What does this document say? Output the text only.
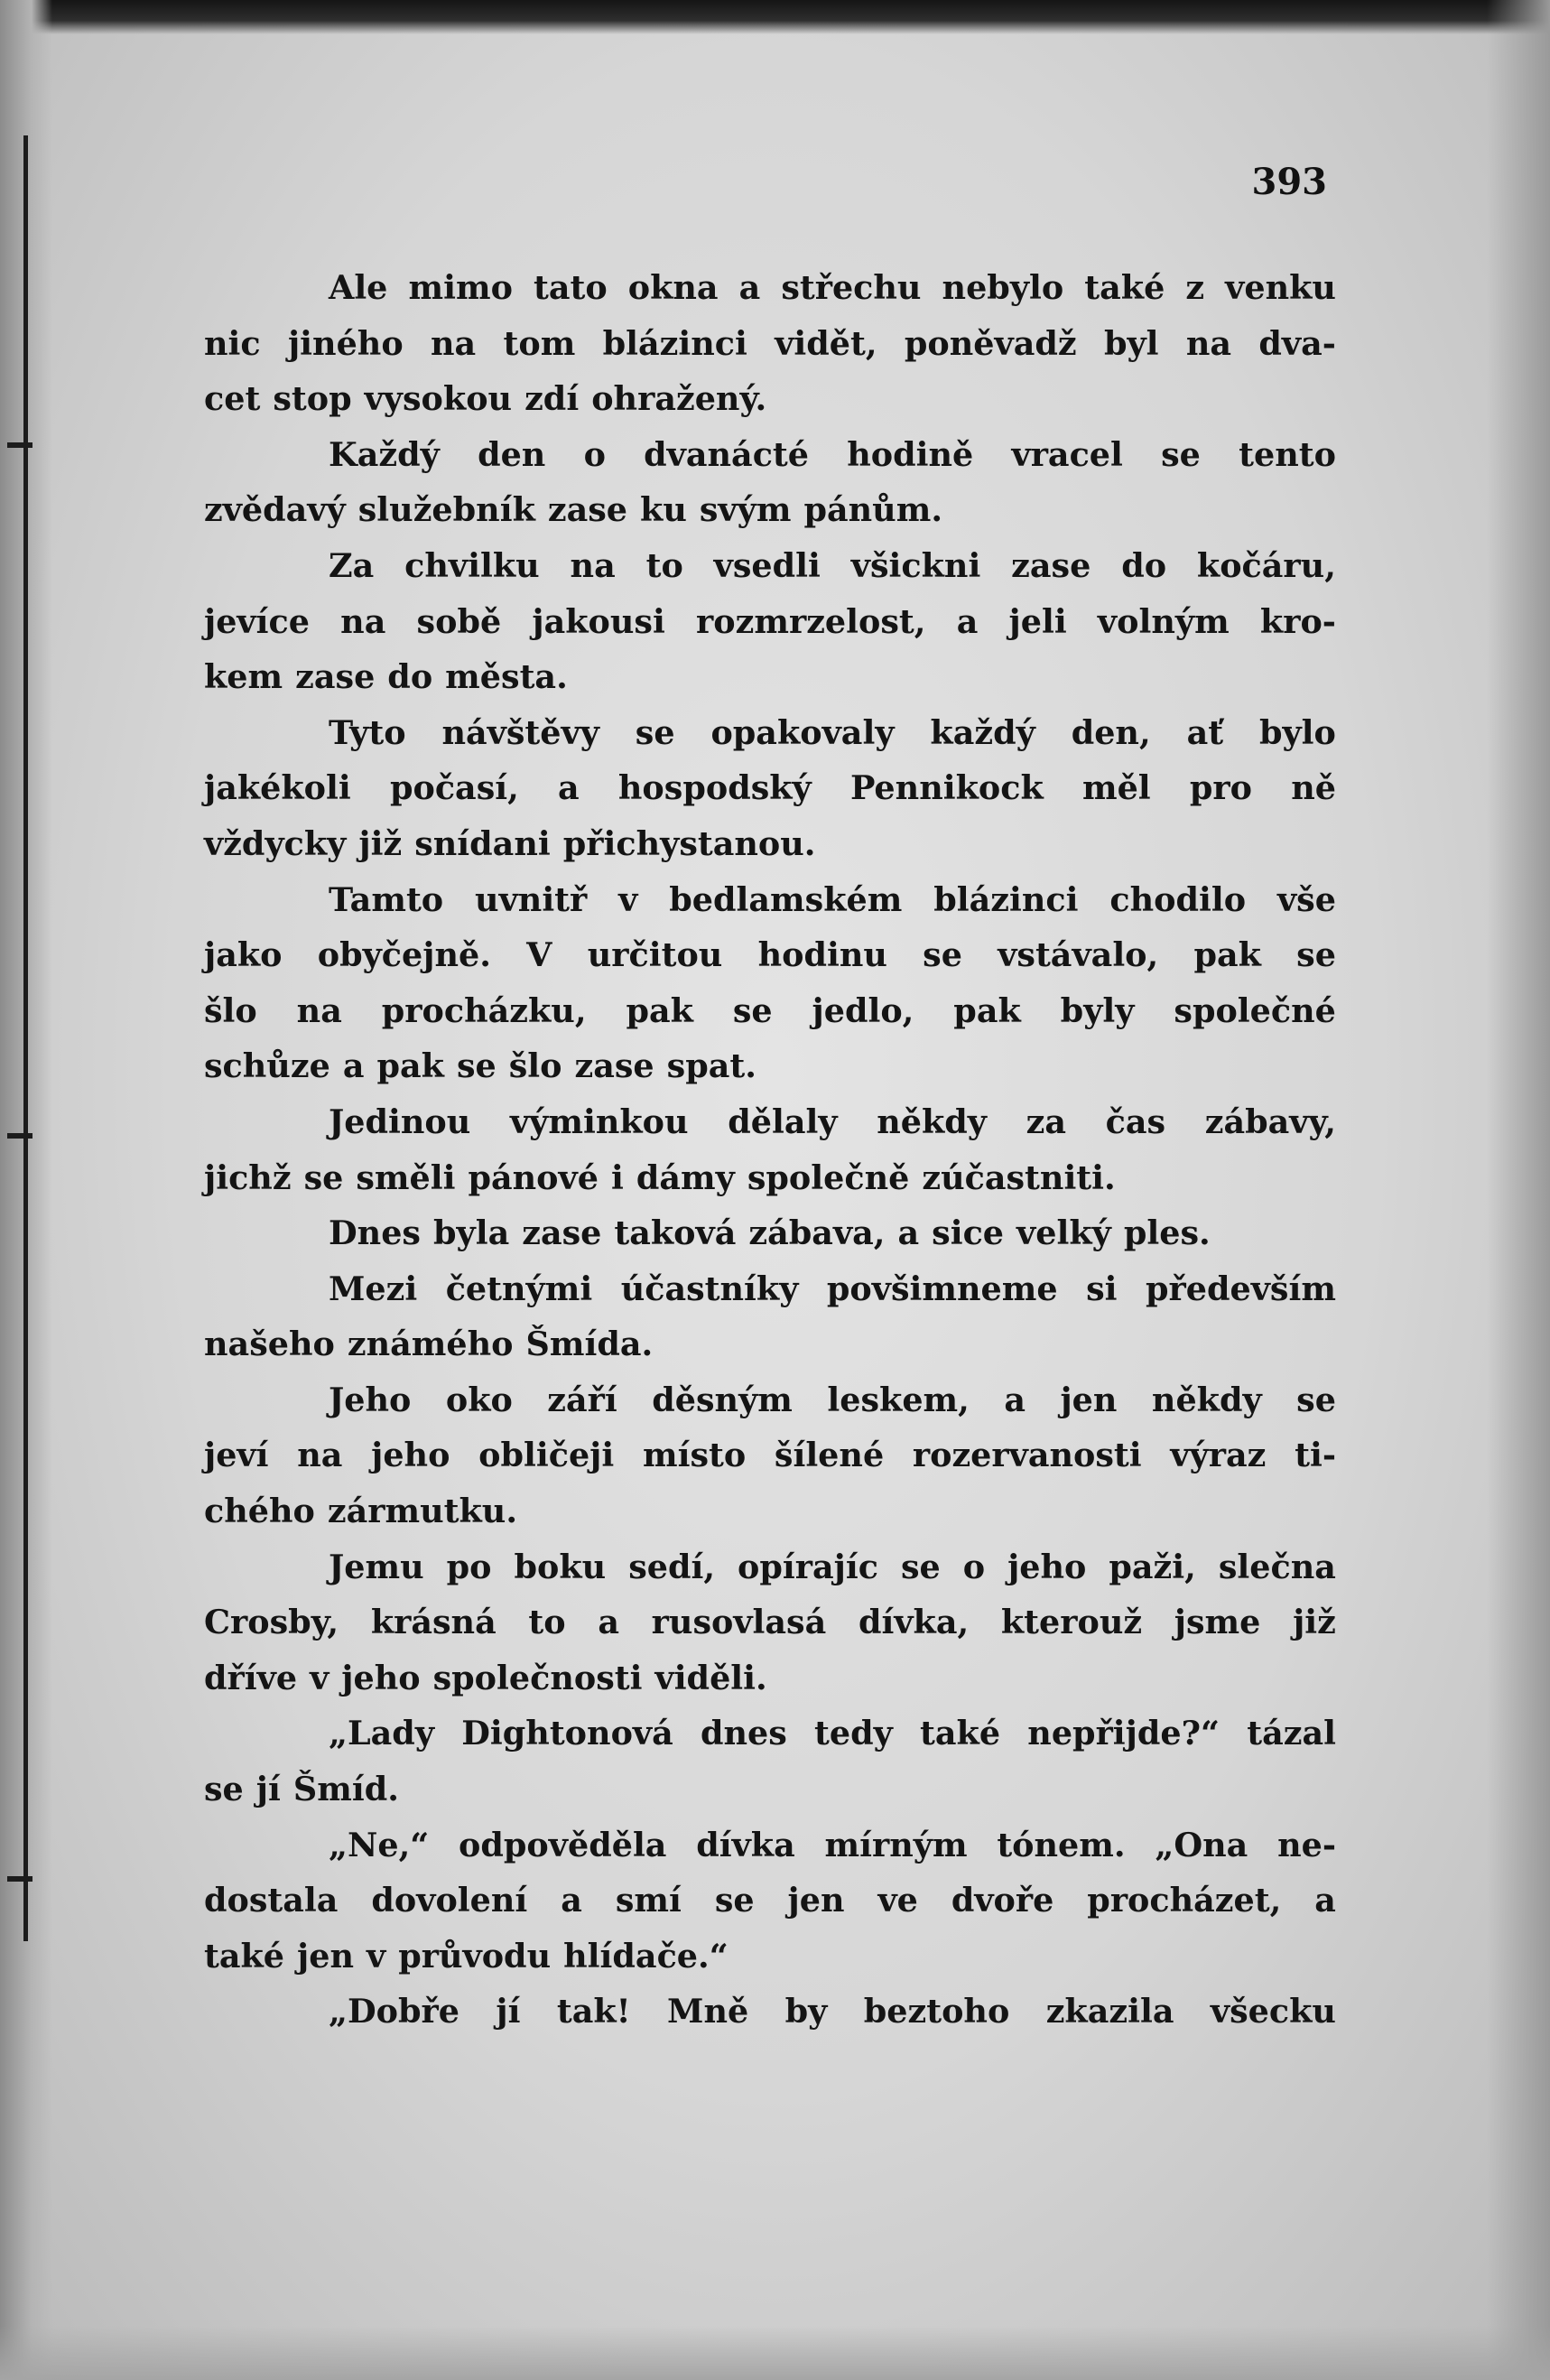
393
Ale mimo tato okna a střechu nebylo také z venku
nic jiného na tom blázinci vidět, poněvadž byl na dva-
cet stop vysokou zdí ohražený.
Každý den o dvanácté hodině vracel se tento
zvědavý služebník zase ku svým pánům.
Za chvilku na to vsedli všickni zase do kočáru,
jevíce na sobě jakousi rozmrzelost, a jeli volným kro-
kem zase do města.
Tyto návštěvy se opakovaly každý den, ať bylo
jakékoli počasí, a hospodský Pennikock měl pro ně
vždycky již snídani přichystanou.
Tamto uvnitř v bedlamském blázinci chodilo vše
jako obyčejně. V určitou hodinu se vstávalo, pak se
šlo na procházku, pak se jedlo, pak byly společné
schůze a pak se šlo zase spat.
Jedinou výminkou dělaly někdy za čas zábavy,
jichž se směli pánové i dámy společně zúčastniti.
Dnes byla zase taková zábava, a sice velký ples.
Mezi četnými účastníky povšimneme si především
našeho známého Šmída.
Jeho oko září děsným leskem, a jen někdy se
jeví na jeho obličeji místo šílené rozervanosti výraz ti-
chého zármutku.
Jemu po boku sedí, opírajíc se o jeho paži, slečna
Crosby, krásná to a rusovlasá dívka, kterouž jsme již
dříve v jeho společnosti viděli.
„Lady Dightonová dnes tedy také nepřijde?“ tázal
se jí Šmíd.
„Ne,“ odpověděla dívka mírným tónem. „Ona ne-
dostala dovolení a smí se jen ve dvoře procházet, a
také jen v průvodu hlídače.“
„Dobře jí tak! Mně by beztoho zkazila všecku
